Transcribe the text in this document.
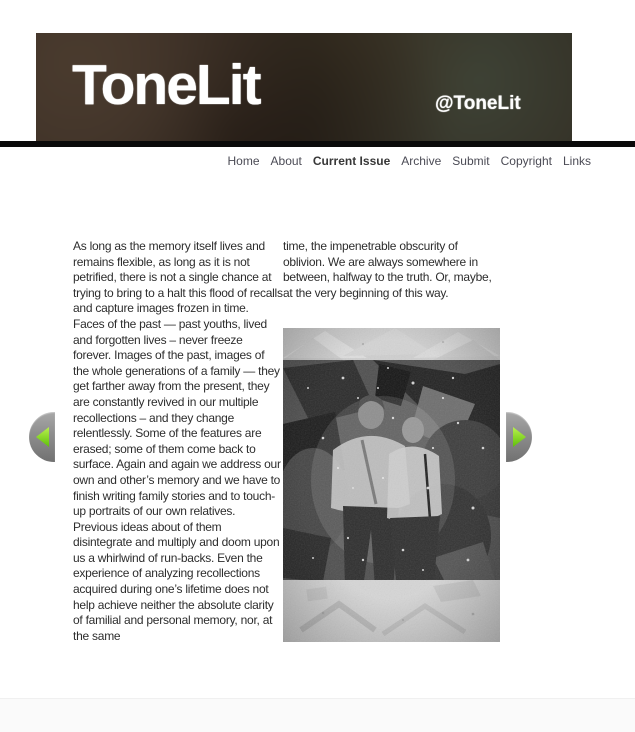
ToneLit	@ToneLit
Home About Current Issue Archive Submit Copyright Links
As long as the memory itself lives and remains flexible, as long as it is not petrified, there is not a single chance at trying to bring to a halt this flood of recalls and capture images frozen in time. Faces of the past — past youths, lived and forgotten lives – never freeze forever. Images of the past, images of the whole generations of a family — they get farther away from the present, they are constantly revived in our multiple recollections – and they change relentlessly. Some of the features are erased; some of them come back to surface. Again and again we address our own and other’s memory and we have to finish writing family stories and to touch-up portraits of our own relatives. Previous ideas about of them disintegrate and multiply and doom upon us a whirlwind of run-backs. Even the experience of analyzing recollections acquired during one’s lifetime does not help achieve neither the absolute clarity of familial and personal memory, nor, at the same
time, the impenetrable obscurity of oblivion. We are always somewhere in between, halfway to the truth. Or, maybe, at the very beginning of this way.
